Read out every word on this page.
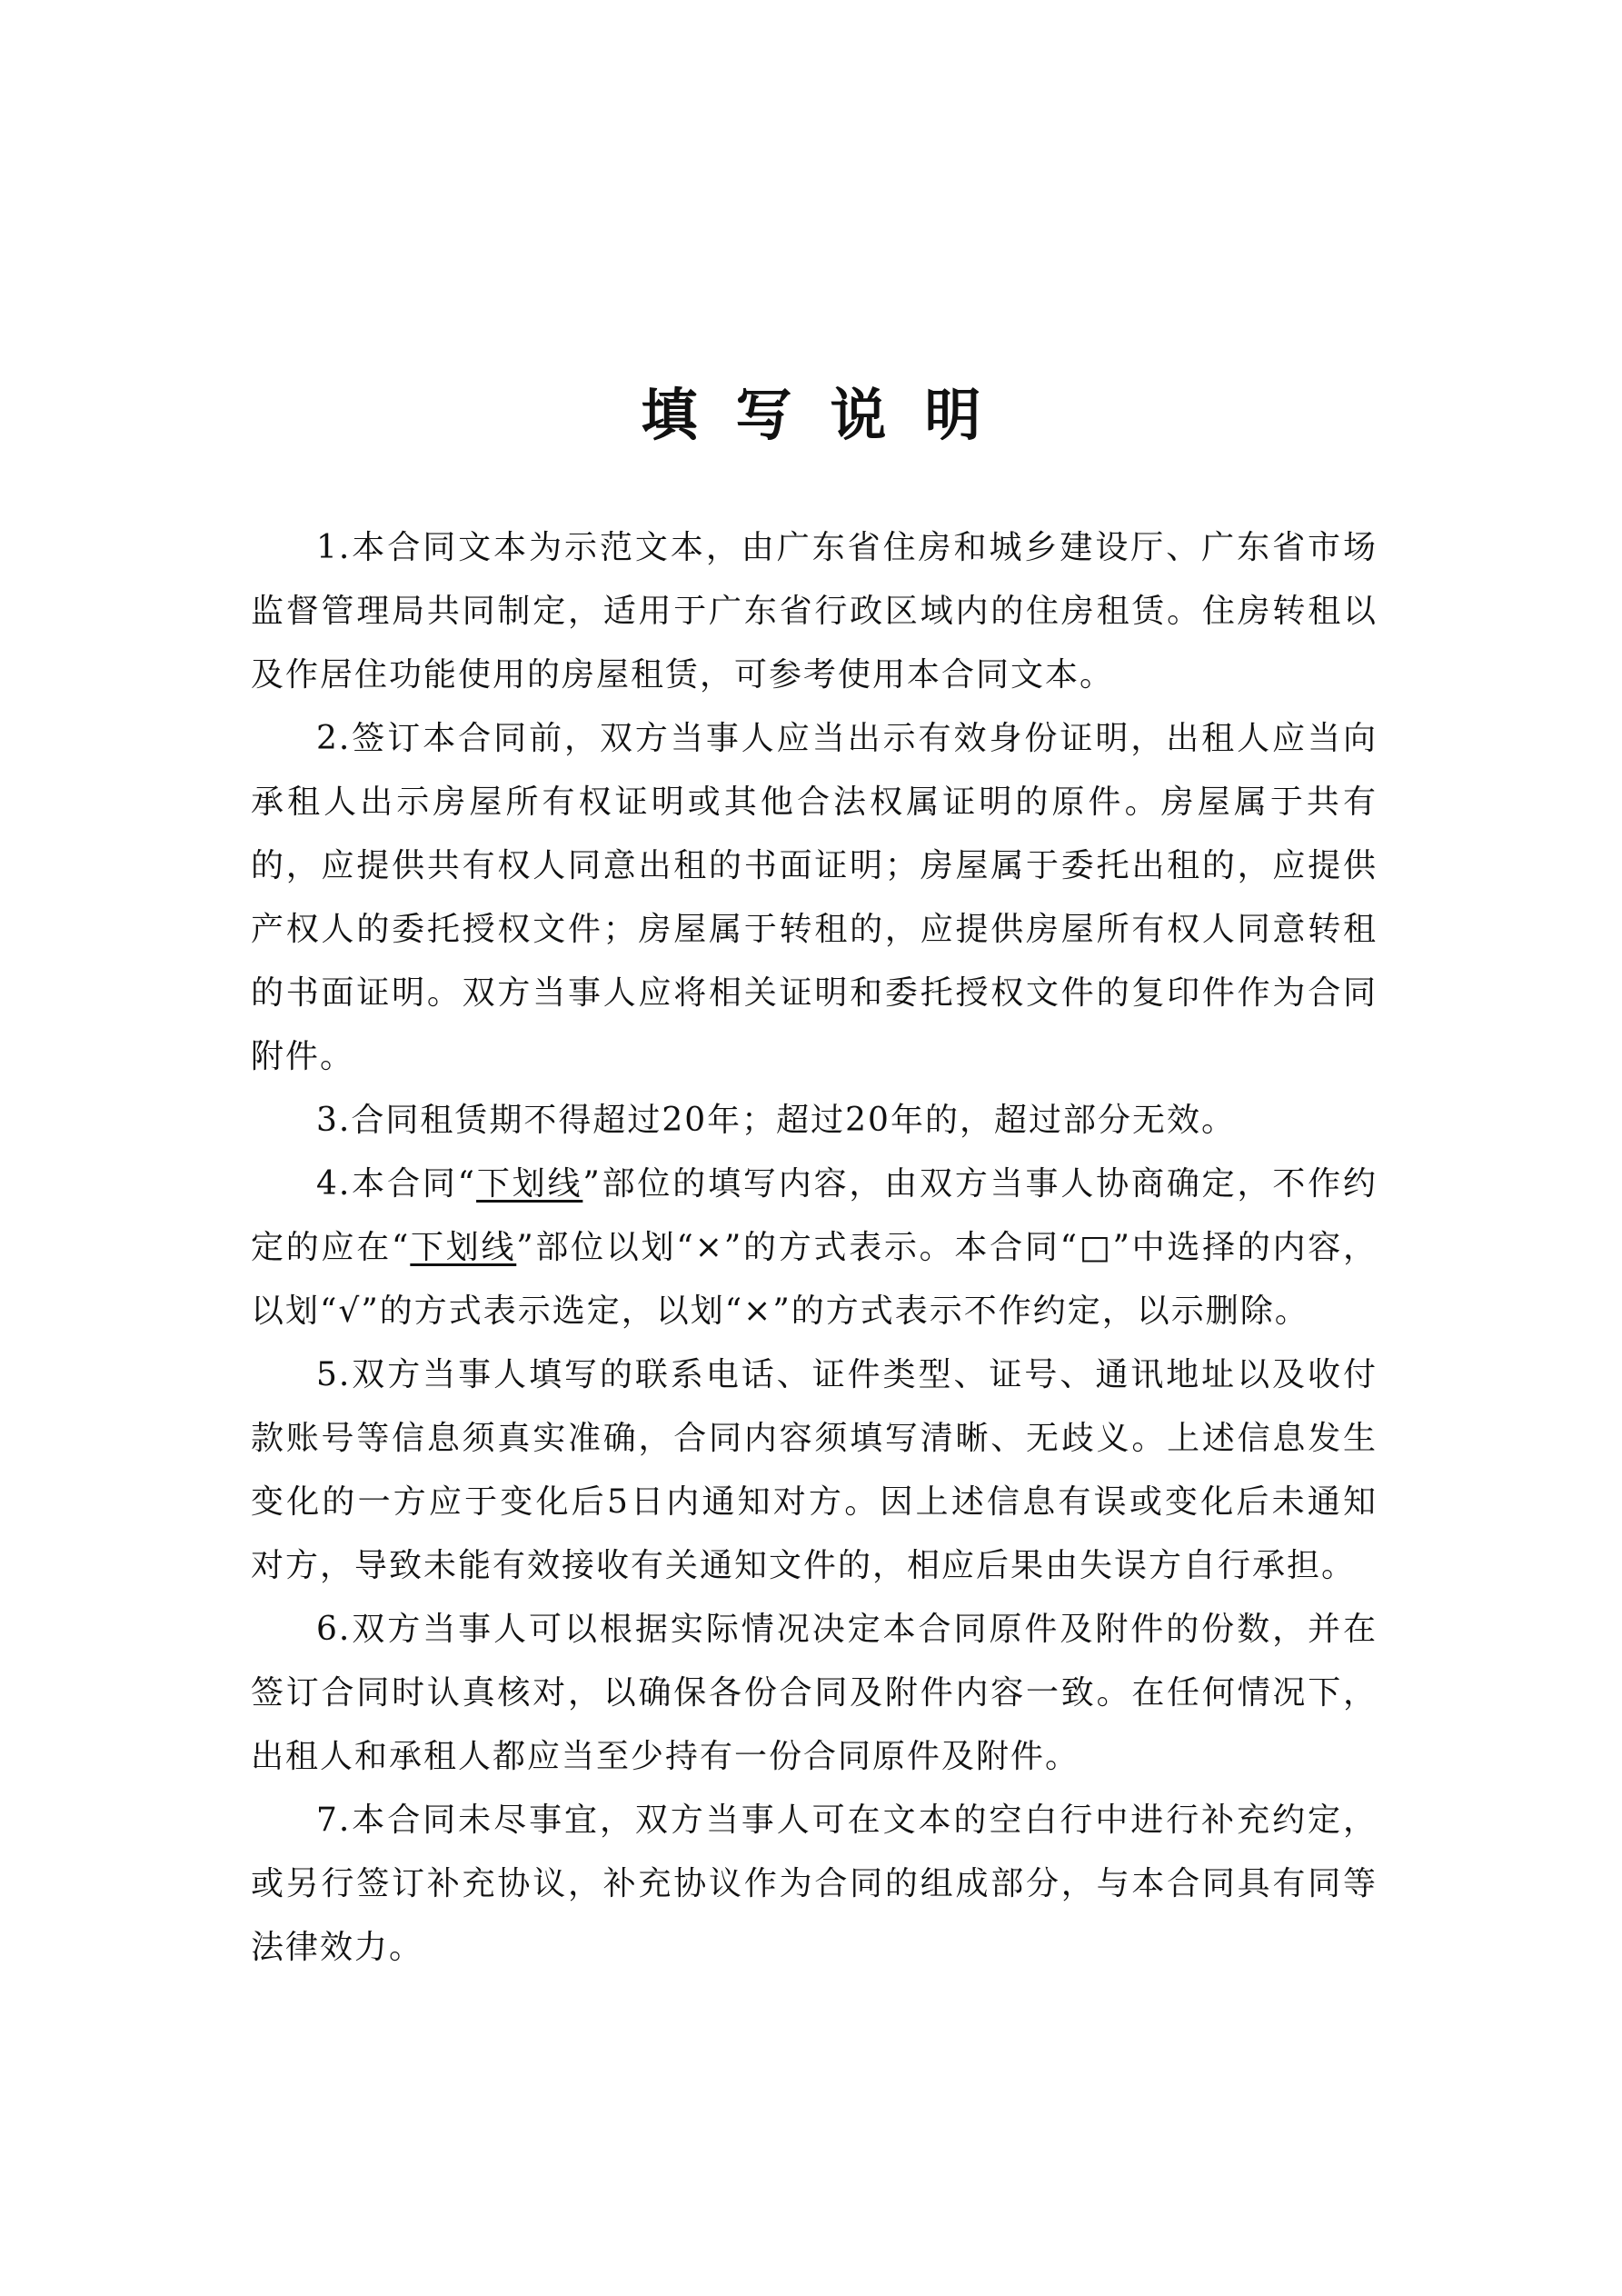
填写说明

1.本合同文本为示范文本，由广东省住房和城乡建设厅、广东省市场监督管理局共同制定，适用于广东省行政区域内的住房租赁。住房转租以及作居住功能使用的房屋租赁，可参考使用本合同文本。

2.签订本合同前，双方当事人应当出示有效身份证明，出租人应当向承租人出示房屋所有权证明或其他合法权属证明的原件。房屋属于共有的，应提供共有权人同意出租的书面证明；房屋属于委托出租的，应提供产权人的委托授权文件；房屋属于转租的，应提供房屋所有权人同意转租的书面证明。双方当事人应将相关证明和委托授权文件的复印件作为合同附件。

3.合同租赁期不得超过20年；超过20年的，超过部分无效。

4.本合同“下划线”部位的填写内容，由双方当事人协商确定，不作约定的应在“下划线”部位以划“×”的方式表示。本合同“□”中选择的内容，以划“√”的方式表示选定，以划“×”的方式表示不作约定，以示删除。

5.双方当事人填写的联系电话、证件类型、证号、通讯地址以及收付款账号等信息须真实准确，合同内容须填写清晰、无歧义。上述信息发生变化的一方应于变化后5日内通知对方。因上述信息有误或变化后未通知对方，导致未能有效接收有关通知文件的，相应后果由失误方自行承担。

6.双方当事人可以根据实际情况决定本合同原件及附件的份数，并在签订合同时认真核对，以确保各份合同及附件内容一致。在任何情况下，出租人和承租人都应当至少持有一份合同原件及附件。

7.本合同未尽事宜，双方当事人可在文本的空白行中进行补充约定，或另行签订补充协议，补充协议作为合同的组成部分，与本合同具有同等法律效力。
